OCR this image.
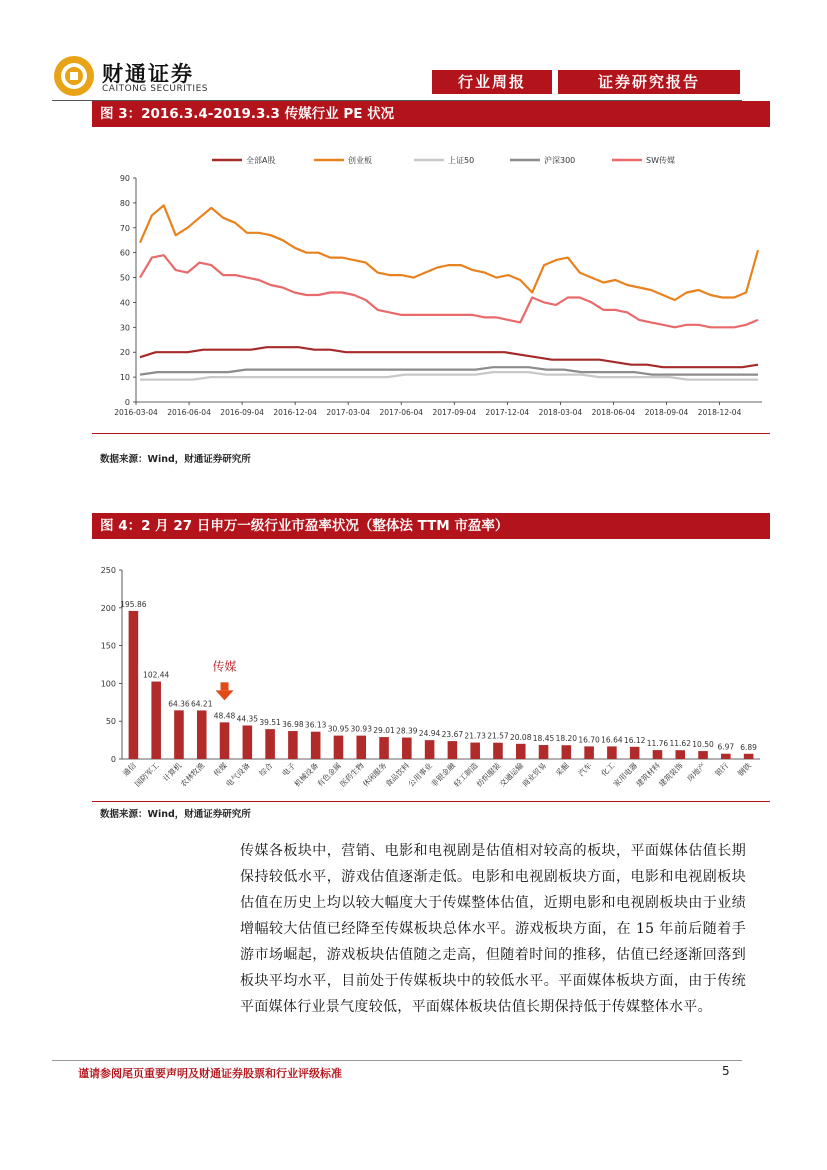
财通证券
CAITONG SECURITIES	行业周报	证券研究报告
图 3：2016.3.4-2019.3.3 传媒行业 PE 状况
全部A股	创业板	上证50	沪深300	SW传媒
0
10
20
30
40
50
60
70
80
90
2016-03-04 2016-06-04 2016-09-04 2016-12-04 2017-03-04 2017-06-04 2017-09-04 2017-12-04 2018-03-04 2018-06-04 2018-09-04 2018-12-04
数据来源：Wind，财通证券研究所
图 4：2 月 27 日申万一级行业市盈率状况（整体法 TTM 市盈率）
0
50
100
150
200
250
195.86
通信
102.44
国防军工
64.36
计算机
64.21
农林牧渔
48.48
传媒
传媒
44.35
电气设备
39.51
综合
36.98
电子
36.13
机械设备
30.95
有色金属
30.93
医药生物
29.01
休闲服务
28.39
食品饮料
24.94
公用事业
23.67
非银金融
21.73
轻工制造
21.57
纺织服装
20.08
交通运输
18.45
商业贸易
18.20
采掘
16.70
汽车
16.64
化工
16.12
家用电器
11.76
建筑材料
11.62
建筑装饰
10.50
房地产
6.97
银行
6.89
钢铁
数据来源：Wind，财通证券研究所
传媒各板块中，营销、电影和电视剧是估值相对较高的板块，平面媒体估值长期保持较低水平，游戏估值逐渐走低。电影和电视剧板块方面，电影和电视剧板块估值在历史上均以较大幅度大于传媒整体估值，近期电影和电视剧板块由于业绩增幅较大估值已经降至传媒板块总体水平。游戏板块方面，在 15 年前后随着手游市场崛起，游戏板块估值随之走高，但随着时间的推移，估值已经逐渐回落到板块平均水平，目前处于传媒板块中的较低水平。平面媒体板块方面，由于传统平面媒体行业景气度较低，平面媒体板块估值长期保持低于传媒整体水平。
谨请参阅尾页重要声明及财通证券股票和行业评级标准	5
